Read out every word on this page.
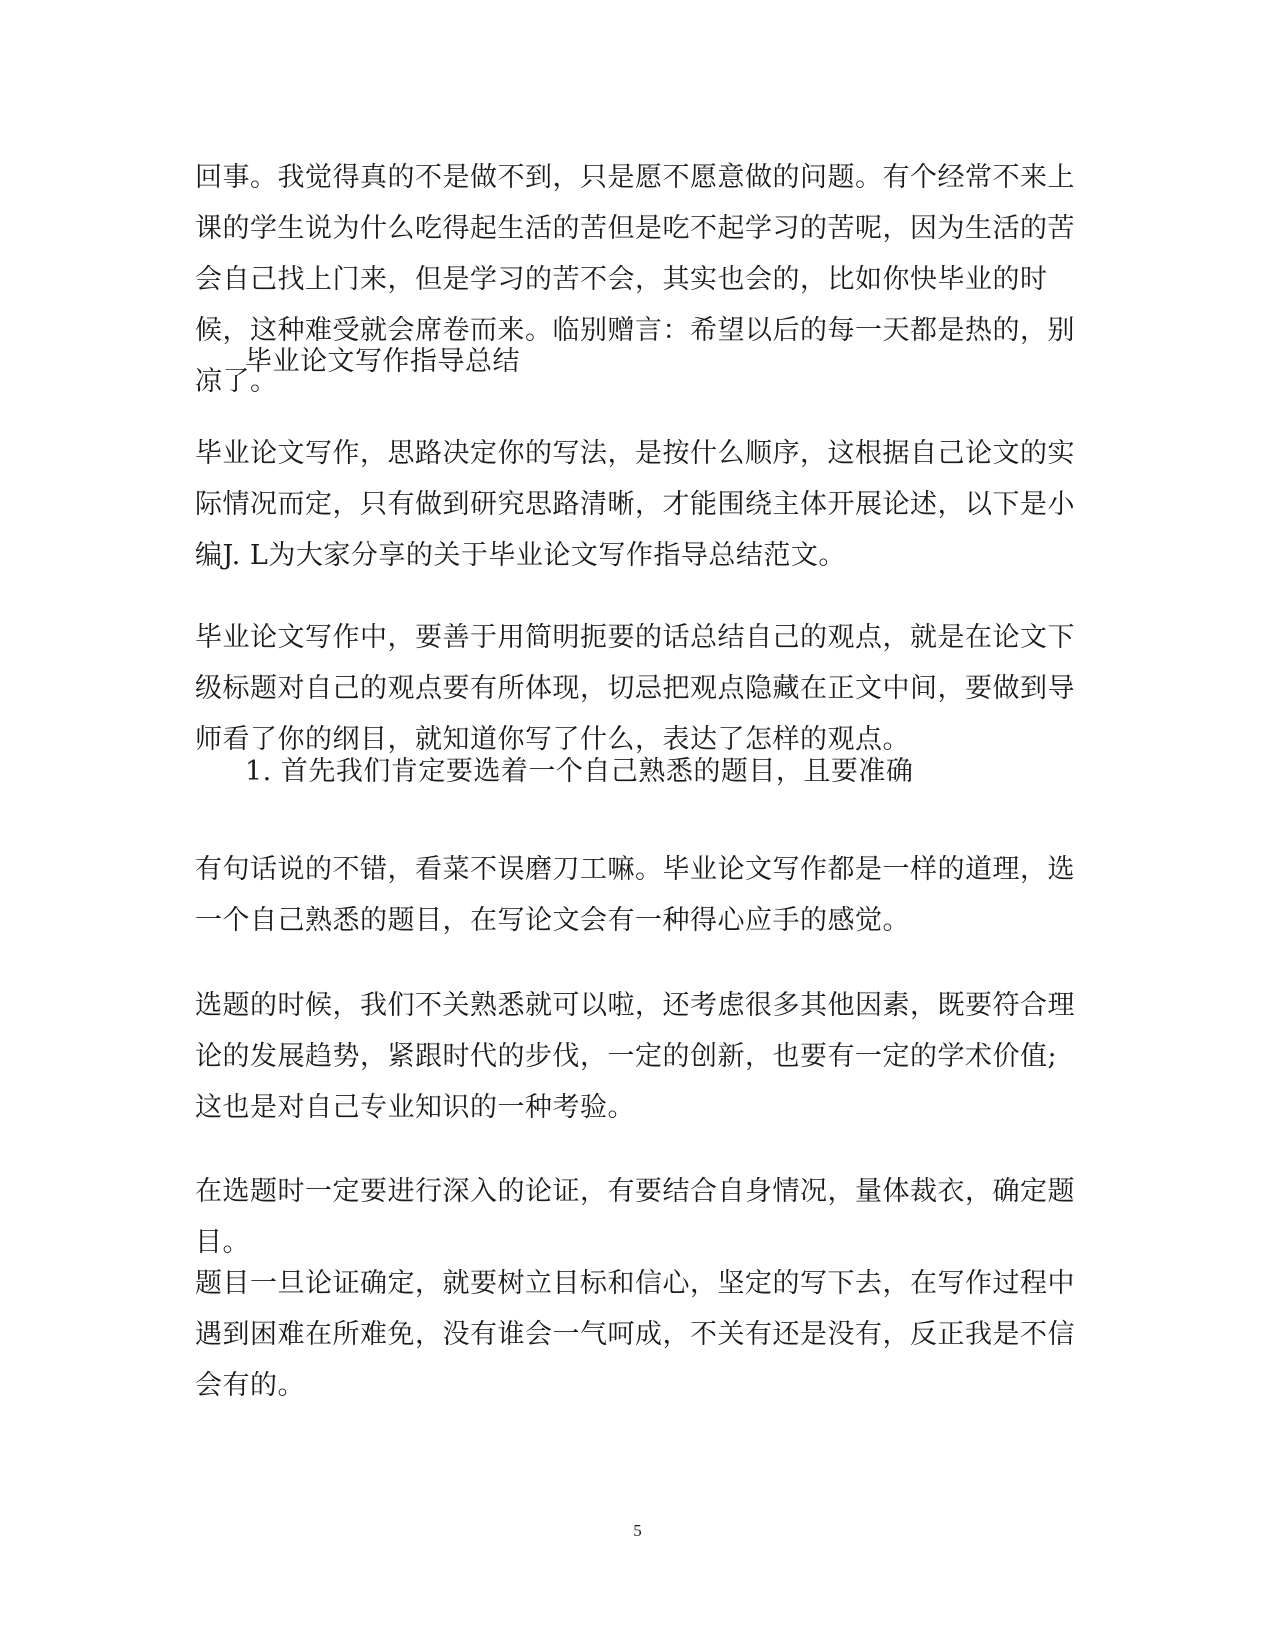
回事。我觉得真的不是做不到，只是愿不愿意做的问题。有个经常不来上课的学生说为什么吃得起生活的苦但是吃不起学习的苦呢，因为生活的苦会自己找上门来，但是学习的苦不会，其实也会的，比如你快毕业的时候，这种难受就会席卷而来。临别赠言：希望以后的每一天都是热的，别凉了。

毕业论文写作指导总结

毕业论文写作，思路决定你的写法，是按什么顺序，这根据自己论文的实际情况而定，只有做到研究思路清晰，才能围绕主体开展论述，以下是小编J. L为大家分享的关于毕业论文写作指导总结范文。

毕业论文写作中，要善于用简明扼要的话总结自己的观点，就是在论文下级标题对自己的观点要有所体现，切忌把观点隐藏在正文中间，要做到导师看了你的纲目，就知道你写了什么，表达了怎样的观点。

1. 首先我们肯定要选着一个自己熟悉的题目，且要准确

有句话说的不错，看菜不误磨刀工嘛。毕业论文写作都是一样的道理，选一个自己熟悉的题目，在写论文会有一种得心应手的感觉。

选题的时候，我们不关熟悉就可以啦，还考虑很多其他因素，既要符合理论的发展趋势，紧跟时代的步伐，一定的创新，也要有一定的学术价值;这也是对自己专业知识的一种考验。

在选题时一定要进行深入的论证，有要结合自身情况，量体裁衣，确定题目。

题目一旦论证确定，就要树立目标和信心，坚定的写下去，在写作过程中遇到困难在所难免，没有谁会一气呵成，不关有还是没有，反正我是不信会有的。

5
